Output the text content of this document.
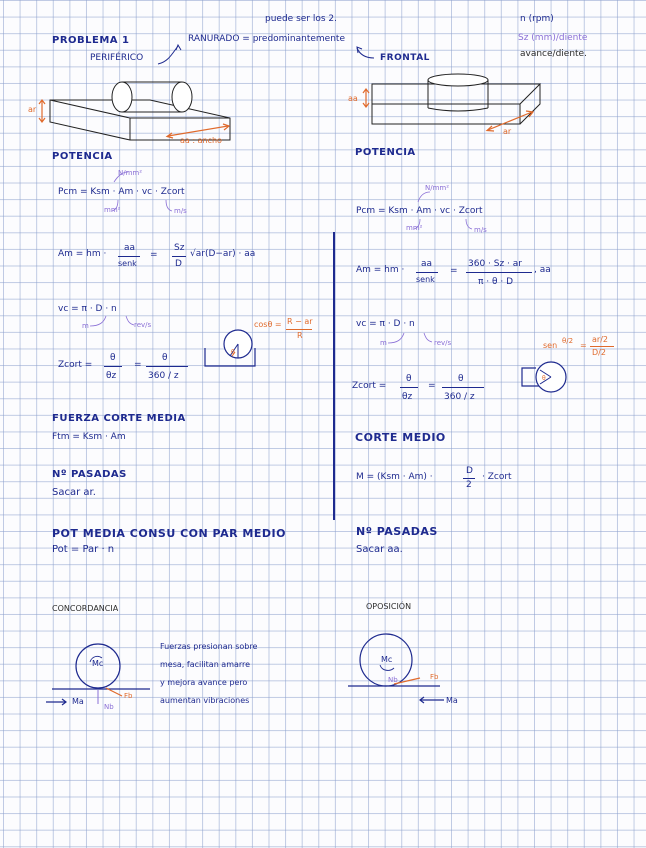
puede ser los 2.
PROBLEMA 1
PERIFÉRICO
RANURADO = predominantemente
FRONTAL
n (rpm)
Sz (mm)/diente
avance/diente.
ar
aa : ancho
aa
ar
POTENCIA
N/mm²
Pcm = Ksm · Am · vc · Zcort
mm²	m/s
Am = hm ·
aa
senk
=
Sz
D
√ar(D−ar) · aa
vc = π · D · n
m	rev/s
θ
cosθ = R − ar
R
Zcort =
θ
θz
=
θ
360 / z
FUERZA CORTE MEDIA
Ftm = Ksm · Am
Nº PASADAS
Sacar ar.
POT MEDIA CONSU CON PAR MEDIO
Pot = Par · n
POTENCIA
N/mm²
Pcm = Ksm · Am · vc · Zcort
mm²	m/s
Am = hm ·
aa
senk
=
360 · Sz · ar
π · θ · D
, aa
vc = π · D · n
m	rev/s
θ
sen θ/2 =
ar/2
D/2
Zcort =
θ
θz
=
θ
360 / z
CORTE MEDIO
M = (Ksm · Am) ·
D
2
· Zcort
Nº PASADAS
Sacar aa.
CONCORDANCIA	OPOSICIÓN
Mc
Ma
Fb
Nb
Fuerzas presionan sobre
mesa, facilitan amarre
y mejora avance pero
aumentan vibraciones
Mc
Fb
Nb
Ma
